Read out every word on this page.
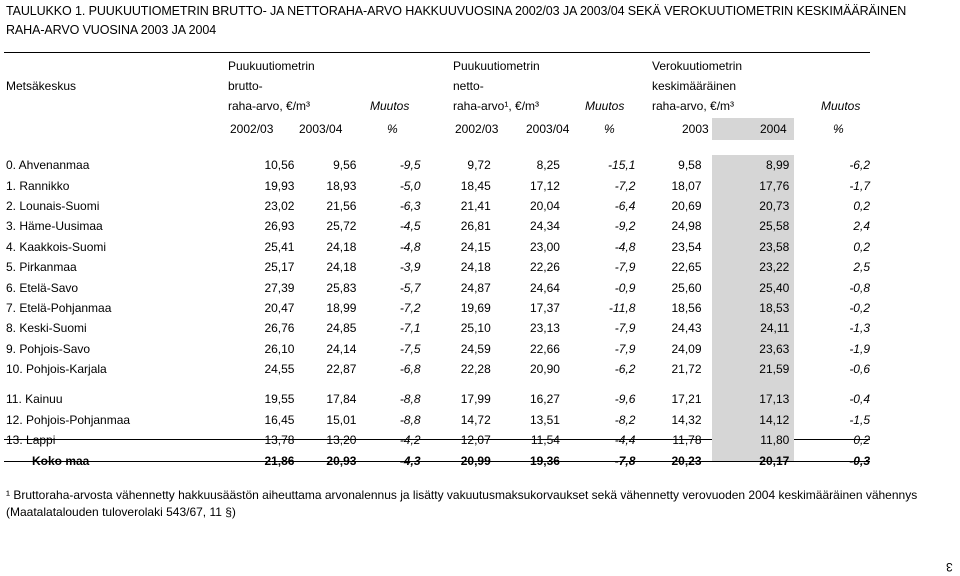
TAULUKKO 1. PUUKUUTIOMETRIN BRUTTO- JA NETTORAHA-ARVO HAKKUUVUOSINA 2002/03 JA 2003/04 SEKÄ VEROKUUTIOMETRIN KESKIMÄÄRÄINEN
RAHA-ARVO VUOSINA 2003 JA 2004
Metsäkeskus
Puukuutiometrin
brutto-
raha-arvo, €/m³	Muutos
2002/03 2003/04	%
Puukuutiometrin
netto-
raha-arvo¹, €/m³	Muutos
2002/03 2003/04	%
Verokuutiometrin
keskimääräinen
raha-arvo, €/m³	Muutos
2003	2004	%
0. Ahvenanmaa	10,56	9,56	-9,5	9,72	8,25	-15,1	9,58	8,99	-6,2
1. Rannikko	19,93	18,93	-5,0	18,45	17,12	-7,2	18,07	17,76	-1,7
2. Lounais-Suomi	23,02	21,56	-6,3	21,41	20,04	-6,4	20,69	20,73	0,2
3. Häme-Uusimaa	26,93	25,72	-4,5	26,81	24,34	-9,2	24,98	25,58	2,4
4. Kaakkois-Suomi	25,41	24,18	-4,8	24,15	23,00	-4,8	23,54	23,58	0,2
5. Pirkanmaa	25,17	24,18	-3,9	24,18	22,26	-7,9	22,65	23,22	2,5
6. Etelä-Savo	27,39	25,83	-5,7	24,87	24,64	-0,9	25,60	25,40	-0,8
7. Etelä-Pohjanmaa	20,47	18,99	-7,2	19,69	17,37	-11,8	18,56	18,53	-0,2
8. Keski-Suomi	26,76	24,85	-7,1	25,10	23,13	-7,9	24,43	24,11	-1,3
9. Pohjois-Savo	26,10	24,14	-7,5	24,59	22,66	-7,9	24,09	23,63	-1,9
10. Pohjois-Karjala	24,55	22,87	-6,8	22,28	20,90	-6,2	21,72	21,59	-0,6

11. Kainuu	19,55	17,84	-8,8	17,99	16,27	-9,6	17,21	17,13	-0,4
12. Pohjois-Pohjanmaa	16,45	15,01	-8,8	14,72	13,51	-8,2	14,32	14,12	-1,5
13. Lappi	13,78	13,20	-4,2	12,07	11,54	-4,4	11,78	11,80	0,2
Koko maa	21,86	20,93	-4,3	20,99	19,36	-7,8	20,23	20,17	-0,3
¹ Bruttoraha-arvosta vähennetty hakkuusäästön aiheuttama arvonalennus ja lisätty vakuutusmaksukorvaukset sekä vähennetty verovuoden 2004 keskimääräinen vähennys
(Maatalatalouden tuloverolaki 543/67, 11 §)
3
